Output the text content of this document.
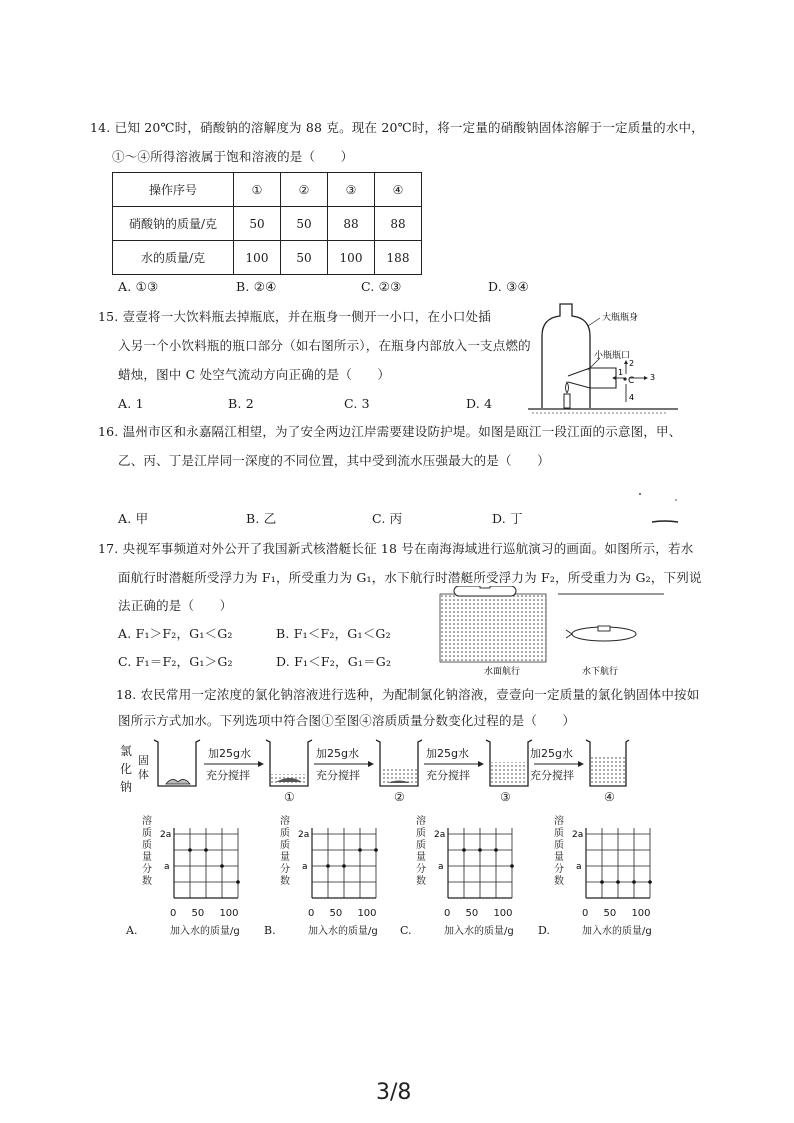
14. 已知 20℃时，硝酸钠的溶解度为 88 克。现在 20℃时，将一定量的硝酸钠固体溶解于一定质量的水中，
①～④所得溶液属于饱和溶液的是（　　）
操作序号	①	②	③	④
硝酸钠的质量/克	50	50	88	88
水的质量/克	100	50	100	188
A. ①③	B. ②④	C. ②③	D. ③④
15. 壹壹将一大饮料瓶去掉瓶底，并在瓶身一侧开一小口，在小口处插
入另一个小饮料瓶的瓶口部分（如右图所示），在瓶身内部放入一支点燃的
蜡烛，图中 C 处空气流动方向正确的是（　　）
A. 1	B. 2	C. 3	D. 4
大瓶瓶身
小瓶瓶口
C
1
2
3
4
16. 温州市区和永嘉隔江相望，为了安全两边江岸需要建设防护堤。如图是瓯江一段江面的示意图，甲、
乙、丙、丁是江岸同一深度的不同位置，其中受到流水压强最大的是（　　）
A. 甲	B. 乙	C. 丙	D. 丁
17. 央视军事频道对外公开了我国新式核潜艇长征 18 号在南海海域进行巡航演习的画面。如图所示，若水
面航行时潜艇所受浮力为 F₁，所受重力为 G₁，水下航行时潜艇所受浮力为 F₂，所受重力为 G₂，下列说
法正确的是（　　）
A. F₁＞F₂，G₁＜G₂	B. F₁＜F₂，G₁＜G₂
C. F₁＝F₂，G₁＞G₂	D. F₁＜F₂，G₁＝G₂
水面航行	水下航行
18. 农民常用一定浓度的氯化钠溶液进行选种，为配制氯化钠溶液，壹壹向一定质量的氯化钠固体中按如
图所示方式加水。下列选项中符合图①至图④溶质质量分数变化过程的是（　　）
氯
化
钠
固
体
加25g水
充分搅拌
加25g水
充分搅拌
加25g水
充分搅拌
加25g水
充分搅拌
①	②	③	④
溶
质
质
量
分
数
2a
a
0 50 100
加入水的质量/g
A.
溶
质
质
量
分
数
2a
a
0 50 100
加入水的质量/g
B.
溶
质
质
量
分
数
2a
a
0 50 100
加入水的质量/g
C.
溶
质
质
量
分
数
2a
a
0 50 100
加入水的质量/g
D.
3/8
